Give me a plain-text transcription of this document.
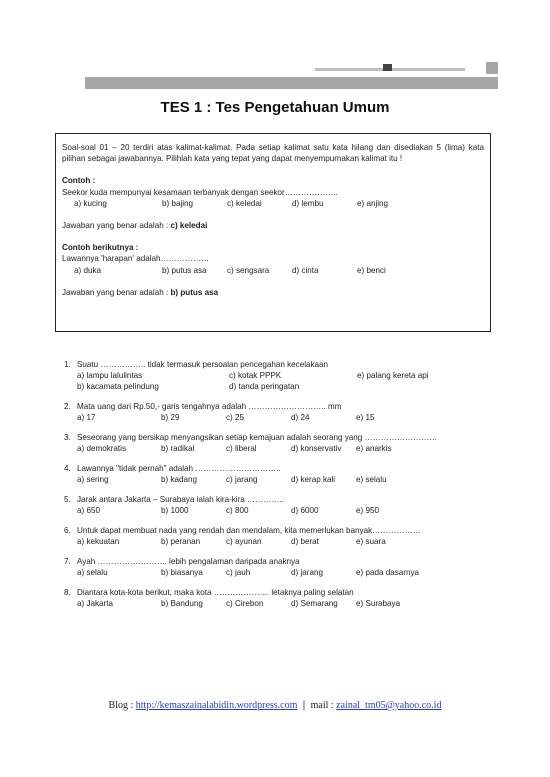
TES 1 : Tes Pengetahuan Umum
Soal-soal 01 – 20 terdiri atas kalimat-kalimat. Pada setiap kalimat satu kata hilang dan disediakan 5 (lima) kata pilihan sebagai jawabannya. Pilihlah kata yang tepat yang dapat menyempurnakan kalimat itu !
Contoh :
Seekor kuda mempunyai kesamaan terbanyak dengan seekor………………..
a) kucing	b) bajing	c) keledai	d) lembu	e) anjing
Jawaban yang benar adalah : c) keledai
Contoh berikutnya :
Lawannya 'harapan' adalah………………
a) duka	b) putus asa	c) sengsara	d) cinta	e) benci
Jawaban yang benar adalah : b) putus asa
1. Suatu …………….. tidak termasuk persoalan pencegahan kecelakaan
a) lampu lalulintas	c) kotak PPPK	e) palang kereta api
b) kacamata pelindung	d) tanda peringatan
2. Mata uang dari Rp.50,- garis tengahnya adalah ……………………….. mm
a) 17	b) 29	c) 25	d) 24	e) 15
3. Seseorang yang bersikap menyangsikan setiap kemajuan adalah seorang yang ………………………
a) demokratis	b) radikal	c) liberal	d) konservativ e) anarkis
4. Lawannya "tidak pernah" adalah …………………………..
a) sering	b) kadang	c) jarang	d) kerap kali	e) selalu
5. Jarak antara Jakarta – Surabaya ialah kira-kira …………..
a) 650	b) 1000	c) 800	d) 6000	e) 950
6. Untuk dapat membuat nada yang rendah dan mendalam, kita memerlukan banyak………………
a) kekuatan	b) peranan	c) ayunan	d) berat	e) suara
7. Ayah …………………….. lebih pengalaman daripada anaknya
a) selalu	b) biasanya	c) jauh	d) jarang	e) pada dasarnya
8. Diantara kota-kota berikut, maka kota ………………... letaknya paling selatan
a) Jakarta	b) Bandung	c) Cirebon	d) Semarang e) Surabaya
Blog : http://kemaszainalabidin.wordpress.com | mail : zainal_tm05@yahoo.co.id
